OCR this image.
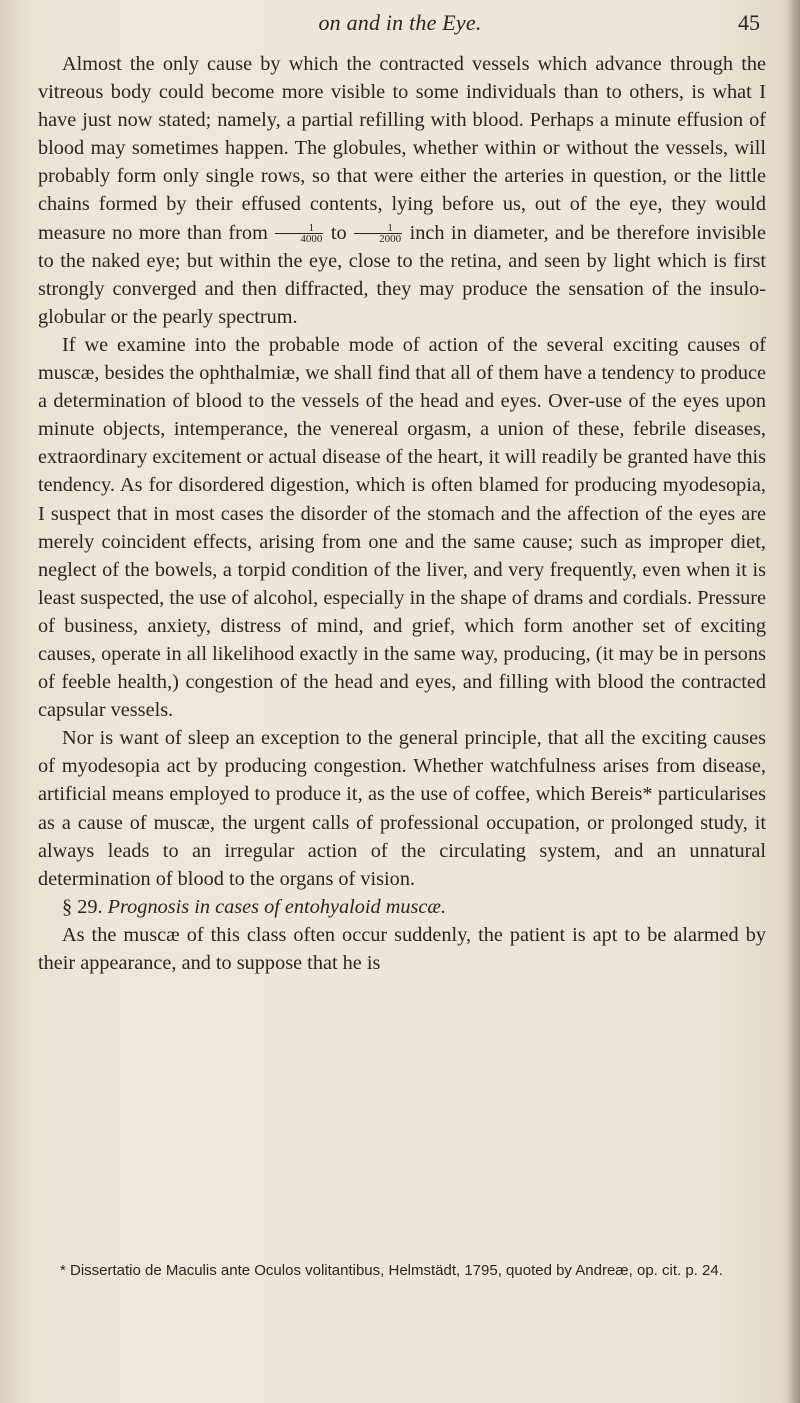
on and in the Eye.	45

Almost the only cause by which the contracted vessels which advance through the vitreous body could become more visible to some individuals than to others, is what I have just now stated; namely, a partial refilling with blood. Perhaps a minute effusion of blood may sometimes happen. The globules, whether within or without the vessels, will probably form only single rows, so that were either the arteries in question, or the little chains formed by their effused contents, lying before us, out of the eye, they would measure no more than from $\frac{1}{4000}$ to $\frac{1}{2000}$ inch in diameter, and be therefore invisible to the naked eye; but within the eye, close to the retina, and seen by light which is first strongly converged and then diffracted, they may produce the sensation of the insulo-globular or the pearly spectrum.

If we examine into the probable mode of action of the several exciting causes of muscæ, besides the ophthalmiæ, we shall find that all of them have a tendency to produce a determination of blood to the vessels of the head and eyes. Over-use of the eyes upon minute objects, intemperance, the venereal orgasm, a union of these, febrile diseases, extraordinary excitement or actual disease of the heart, it will readily be granted have this tendency. As for disordered digestion, which is often blamed for producing myodesopia, I suspect that in most cases the disorder of the stomach and the affection of the eyes are merely coincident effects, arising from one and the same cause; such as improper diet, neglect of the bowels, a torpid condition of the liver, and very frequently, even when it is least suspected, the use of alcohol, especially in the shape of drams and cordials. Pressure of business, anxiety, distress of mind, and grief, which form another set of exciting causes, operate in all likelihood exactly in the same way, producing, (it may be in persons of feeble health,) congestion of the head and eyes, and filling with blood the contracted capsular vessels.

Nor is want of sleep an exception to the general principle, that all the exciting causes of myodesopia act by producing congestion. Whether watchfulness arises from disease, artificial means employed to produce it, as the use of coffee, which Bereis* particularises as a cause of muscæ, the urgent calls of professional occupation, or prolonged study, it always leads to an irregular action of the circulating system, and an unnatural determination of blood to the organs of vision.

§ 29. Prognosis in cases of entohyaloid muscæ.

As the muscæ of this class often occur suddenly, the patient is apt to be alarmed by their appearance, and to suppose that he is

* Dissertatio de Maculis ante Oculos volitantibus, Helmstädt, 1795, quoted by Andreæ, op. cit. p. 24.
